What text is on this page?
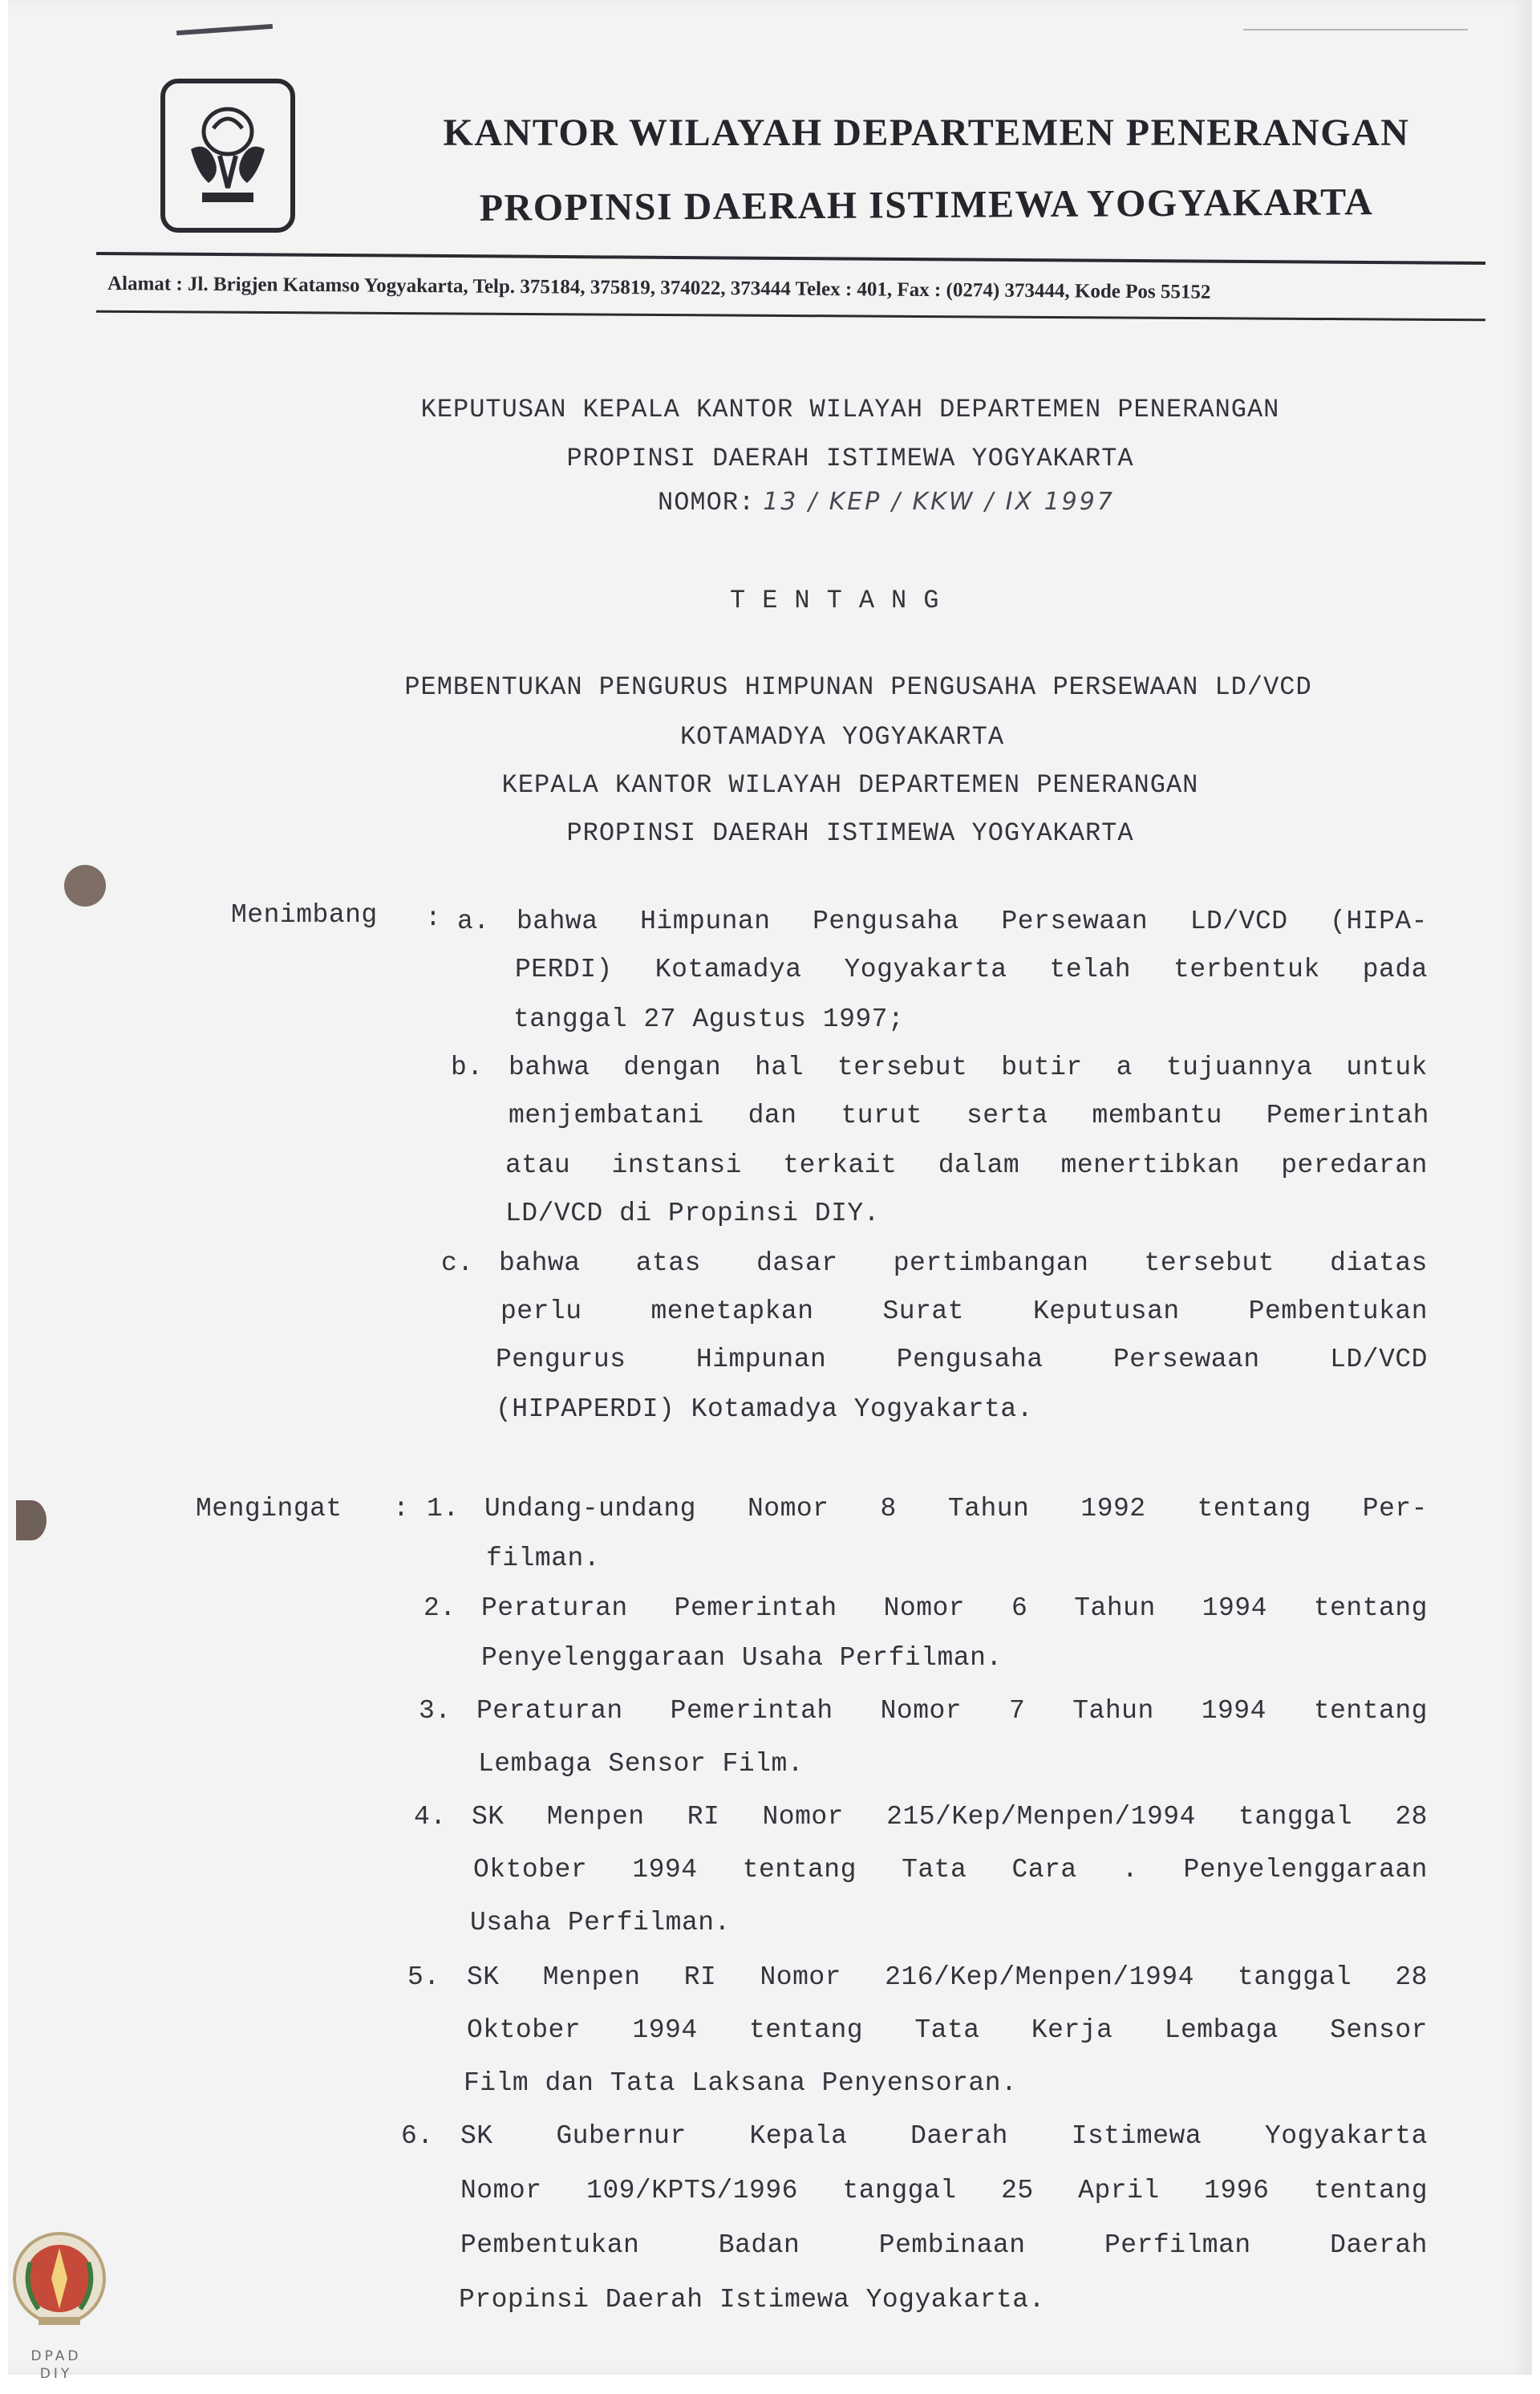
KANTOR WILAYAH DEPARTEMEN PENERANGAN
PROPINSI DAERAH ISTIMEWA YOGYAKARTA
Alamat : Jl. Brigjen Katamso Yogyakarta, Telp. 375184, 375819, 374022, 373444 Telex : 401, Fax : (0274) 373444, Kode Pos 55152
KEPUTUSAN KEPALA KANTOR WILAYAH DEPARTEMEN PENERANGAN
PROPINSI DAERAH ISTIMEWA YOGYAKARTA
NOMOR: 13 / KEP / KKW / IX 1997
TENTANG
PEMBENTUKAN PENGURUS HIMPUNAN PENGUSAHA PERSEWAAN LD/VCD
KOTAMADYA YOGYAKARTA
KEPALA KANTOR WILAYAH DEPARTEMEN PENERANGAN
PROPINSI DAERAH ISTIMEWA YOGYAKARTA
Menimbang : a. bahwa Himpunan Pengusaha Persewaan LD/VCD (HIPA-
PERDI) Kotamadya Yogyakarta telah terbentuk pada
tanggal 27 Agustus 1997;
b. bahwa dengan hal tersebut butir a tujuannya untuk
menjembatani dan turut serta membantu Pemerintah
atau instansi terkait dalam menertibkan peredaran
LD/VCD di Propinsi DIY.
c. bahwa atas dasar pertimbangan tersebut diatas
perlu	menetapkan	Surat	Keputusan	Pembentukan
Pengurus	Himpunan	Pengusaha	Persewaan	LD/VCD
(HIPAPERDI) Kotamadya Yogyakarta.
Mengingat : 1. Undang-undang Nomor 8 Tahun 1992 tentang Per-
filman.
2. Peraturan Pemerintah Nomor 6 Tahun 1994 tentang
Penyelenggaraan Usaha Perfilman.
3. Peraturan Pemerintah Nomor 7 Tahun 1994 tentang
Lembaga Sensor Film.
4. SK Menpen RI Nomor 215/Kep/Menpen/1994 tanggal 28
Oktober 1994 tentang Tata Cara . Penyelenggaraan
Usaha Perfilman.
5. SK Menpen RI Nomor 216/Kep/Menpen/1994 tanggal 28
Oktober 1994 tentang Tata Kerja Lembaga Sensor
Film dan Tata Laksana Penyensoran.
6. SK Gubernur Kepala Daerah Istimewa Yogyakarta
Nomor 109/KPTS/1996 tanggal 25 April 1996 tentang
Pembentukan	Badan	Pembinaan	Perfilman	Daerah
Propinsi Daerah Istimewa Yogyakarta.
DPAD
DIY
